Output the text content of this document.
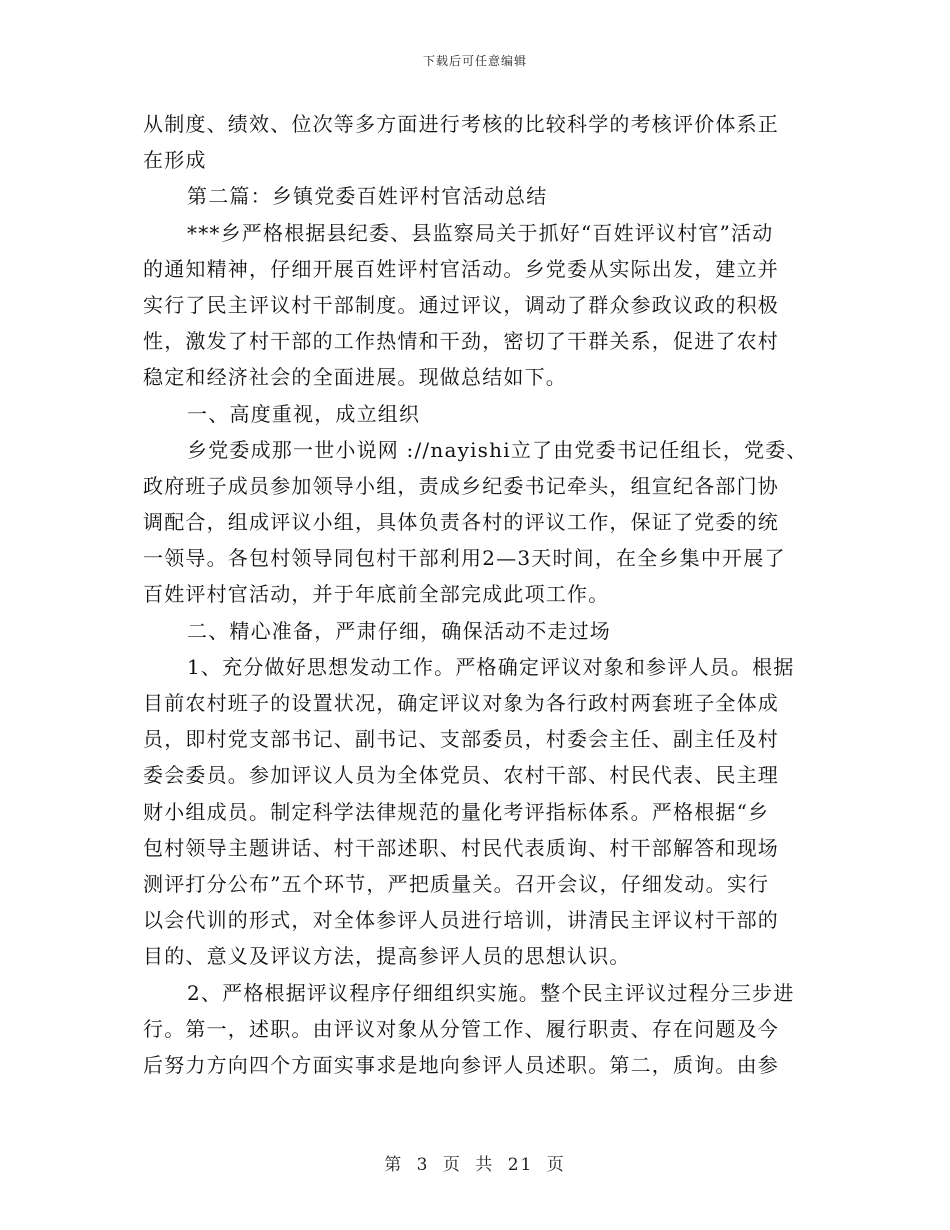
下载后可任意编辑
从制度、绩效、位次等多方面进行考核的比较科学的考核评价体系正
在形成
第二篇：乡镇党委百姓评村官活动总结
***乡严格根据县纪委、县监察局关于抓好“百姓评议村官”活动
的通知精神，仔细开展百姓评村官活动。乡党委从实际出发，建立并
实行了民主评议村干部制度。通过评议，调动了群众参政议政的积极
性，激发了村干部的工作热情和干劲，密切了干群关系，促进了农村
稳定和经济社会的全面进展。现做总结如下。
一、高度重视，成立组织
乡党委成那一世小说网 ://nayishi立了由党委书记任组长，党委、
政府班子成员参加领导小组，责成乡纪委书记牵头，组宣纪各部门协
调配合，组成评议小组，具体负责各村的评议工作，保证了党委的统
一领导。各包村领导同包村干部利用2—3天时间，在全乡集中开展了
百姓评村官活动，并于年底前全部完成此项工作。
二、精心准备，严肃仔细，确保活动不走过场
1、充分做好思想发动工作。严格确定评议对象和参评人员。根据
目前农村班子的设置状况，确定评议对象为各行政村两套班子全体成
员，即村党支部书记、副书记、支部委员，村委会主任、副主任及村
委会委员。参加评议人员为全体党员、农村干部、村民代表、民主理
财小组成员。制定科学法律规范的量化考评指标体系。严格根据“乡
包村领导主题讲话、村干部述职、村民代表质询、村干部解答和现场
测评打分公布”五个环节，严把质量关。召开会议，仔细发动。实行
以会代训的形式，对全体参评人员进行培训，讲清民主评议村干部的
目的、意义及评议方法，提高参评人员的思想认识。
2、严格根据评议程序仔细组织实施。整个民主评议过程分三步进
行。第一，述职。由评议对象从分管工作、履行职责、存在问题及今
后努力方向四个方面实事求是地向参评人员述职。第二，质询。由参
第 3 页 共 21 页
